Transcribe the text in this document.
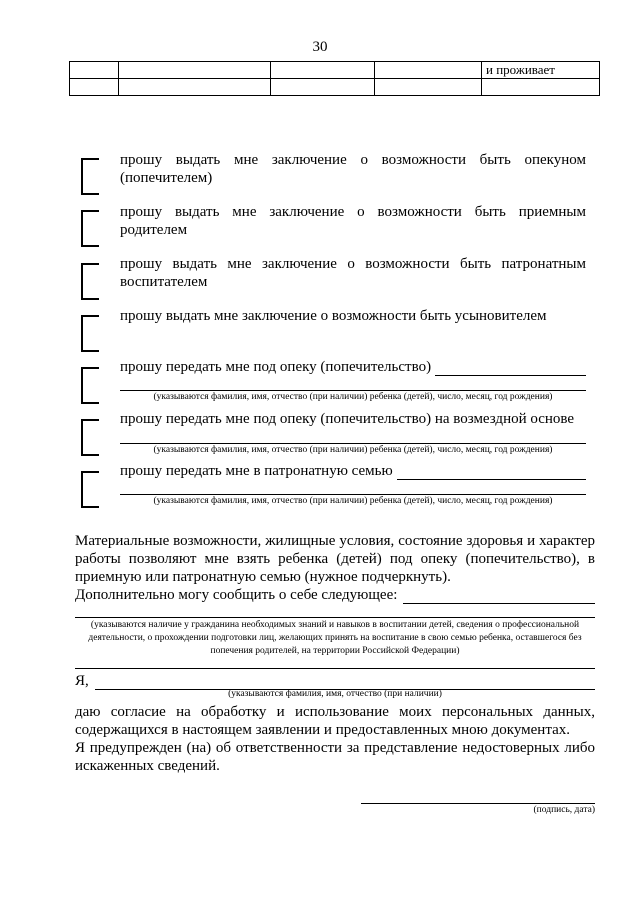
30
				и проживает

прошу выдать мне заключение о возможности быть опекуном (попечителем)
прошу выдать мне заключение о возможности быть приемным родителем
прошу выдать мне заключение о возможности быть патронатным воспитателем
прошу выдать мне заключение о возможности быть усыновителем
прошу передать мне под опеку (попечительство)
(указываются фамилия, имя, отчество (при наличии) ребенка (детей), число, месяц, год рождения)
прошу передать мне под опеку (попечительство) на возмездной основе
(указываются фамилия, имя, отчество (при наличии) ребенка (детей), число, месяц, год рождения)
прошу передать мне в патронатную семью
(указываются фамилия, имя, отчество (при наличии) ребенка (детей), число, месяц, год рождения)
Материальные возможности, жилищные условия, состояние здоровья и характер работы позволяют мне взять ребенка (детей) под опеку (попечительство), в приемную или патронатную семью (нужное подчеркнуть).
Дополнительно могу сообщить о себе следующее:
(указываются наличие у гражданина необходимых знаний и навыков в воспитании детей, сведения о профессиональной деятельности, о прохождении подготовки лиц, желающих принять на воспитание в свою семью ребенка, оставшегося без попечения родителей, на территории Российской Федерации)
Я,
(указываются фамилия, имя, отчество (при наличии)
даю согласие на обработку и использование моих персональных данных, содержащихся в настоящем заявлении и предоставленных мною документах.
Я предупрежден (на) об ответственности за представление недостоверных либо искаженных сведений.
(подпись, дата)
